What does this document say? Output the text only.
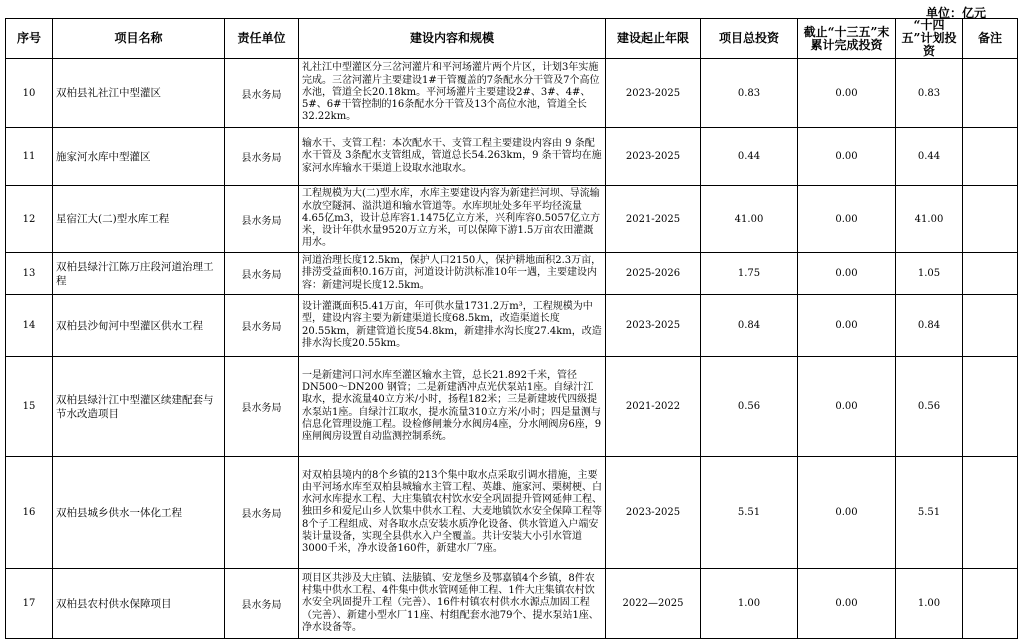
单位：亿元
序号	项目名称	责任单位	建设内容和规模	建设起止年限	项目总投资	截止“十三五”末累计完成投资	“十四五”计划投资	备注
10	双柏县礼社江中型灌区	县水务局	礼社江中型灌区分三岔河灌片和平河场灌片两个片区，计划3年实施完成。三岔河灌片主要建设1#干管覆盖的7条配水分干管及7个高位水池，管道全长20.18km。平河场灌片主要建设2#、3#、4#、5#、6#干管控制的16条配水分干管及13个高位水池，管道全长32.22km。	2023-2025	0.83	0.00	0.83	
11	施家河水库中型灌区	县水务局	输水干、支管工程：本次配水干、支管工程主要建设内容由 9 条配水干管及 3条配水支管组成，管道总长54.263km，9 条干管均在施家河水库输水干渠道上设取水池取水。	2023-2025	0.44	0.00	0.44	
12	星宿江大(二)型水库工程	县水务局	工程规模为大(二)型水库，水库主要建设内容为新建拦河坝、导流输水放空隧洞、溢洪道和输水管道等。水库坝址处多年平均径流量4.65亿m3，设计总库容1.1475亿立方米，兴利库容0.5057亿立方米，设计年供水量9520万立方米，可以保障下游1.5万亩农田灌溉用水。	2021-2025	41.00	0.00	41.00	
13	双柏县绿汁江陈万庄段河道治理工程	县水务局	河道治理长度12.5km，保护人口2150人，保护耕地面积2.3万亩，排涝受益面积0.16万亩，河道设计防洪标准10年一遇，主要建设内容：新建河堤长度12.5km。	2025-2026	1.75	0.00	1.05	
14	双柏县沙甸河中型灌区供水工程	县水务局	设计灌溉面积5.41万亩，年可供水量1731.2万m³，工程规模为中型，建设内容主要为新建渠道长度68.5km，改造渠道长度20.55km，新建管道长度54.8km，新建排水沟长度27.4km，改造排水沟长度20.55km。	2023-2025	0.84	0.00	0.84	
15	双柏县绿汁江中型灌区续建配套与节水改造项目	县水务局	一是新建河口河水库至灌区输水主管，总长21.892千米，管径 DN500～DN200 钢管；二是新建洒冲点光伏泵站1座。自绿汁江取水，提水流量40立方米/小时，扬程182米；三是新建坡代四级提水泵站1座。自绿汁江取水，提水流量310立方米/小时；四是量测与信息化管理设施工程。设检修闸兼分水阀房4座，分水闸阀房6座，9座闸阀房设置自动监测控制系统。	2021-2022	0.56	0.00	0.56	
16	双柏县城乡供水一体化工程	县水务局	对双柏县境内的8个乡镇的213个集中取水点采取引调水措施，主要由平河场水库至双柏县城输水主管工程、英雄、施家河、栗树梗、白水河水库提水工程、大庄集镇农村饮水安全巩固提升管网延伸工程、独田乡和爱尼山乡人饮集中供水工程、大麦地镇饮水安全保障工程等8个子工程组成、对各取水点安装水质净化设备、供水管道入户端安装计量设备，实现全县供水入户全覆盖。共计安装大小引水管道3000千米，净水设备160件，新建水厂7座。	2023-2025	5.51	0.00	5.51	
17	双柏县农村供水保障项目	县水务局	项目区共涉及大庄镇、法脿镇、安龙堡乡及鄂嘉镇4个乡镇，8件农村集中供水工程、4件集中供水管网延伸工程、1件大庄集镇农村饮水安全巩固提升工程（完善）、16件村镇农村供水水源点加固工程（完善）、新建小型水厂11座、村组配套水池79个、提水泵站1座、净水设备等。	2022—2025	1.00	0.00	1.00	
